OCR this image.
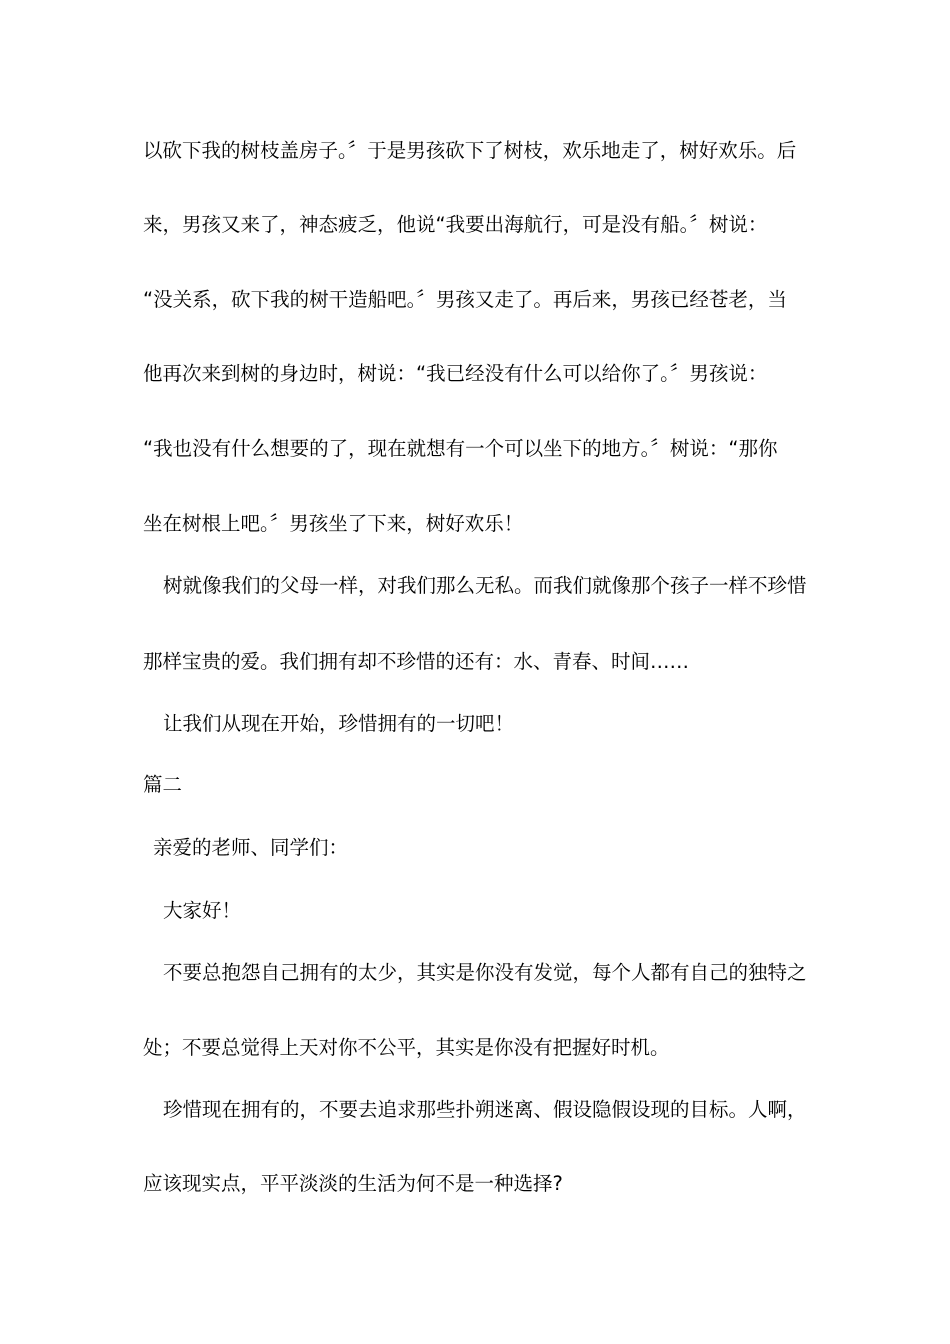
以砍下我的树枝盖房子。〞于是男孩砍下了树枝，欢乐地走了，树好欢乐。后

来，男孩又来了，神态疲乏，他说“我要出海航行，可是没有船。〞树说：

“没关系，砍下我的树干造船吧。〞男孩又走了。再后来，男孩已经苍老，当

他再次来到树的身边时，树说：“我已经没有什么可以给你了。〞男孩说：

“我也没有什么想要的了，现在就想有一个可以坐下的地方。〞树说：“那你

坐在树根上吧。〞男孩坐了下来，树好欢乐！

树就像我们的父母一样，对我们那么无私。而我们就像那个孩子一样不珍惜

那样宝贵的爱。我们拥有却不珍惜的还有：水、青春、时间……

让我们从现在开始，珍惜拥有的一切吧！

篇二

亲爱的老师、同学们：

大家好！

不要总抱怨自己拥有的太少，其实是你没有发觉，每个人都有自己的独特之

处；不要总觉得上天对你不公平，其实是你没有把握好时机。

珍惜现在拥有的，不要去追求那些扑朔迷离、假设隐假设现的目标。人啊，

应该现实点，平平淡淡的生活为何不是一种选择?
